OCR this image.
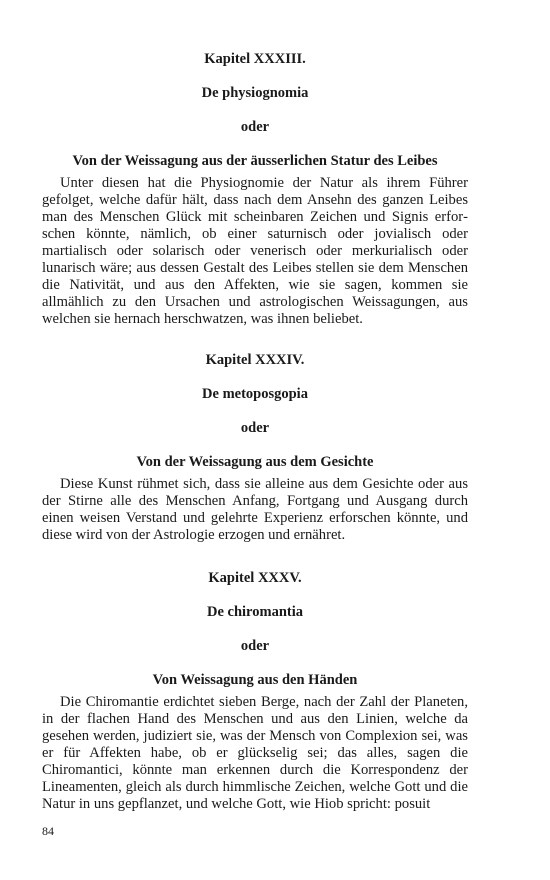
Kapitel XXXIII.

De physiognomia

oder

Von der Weissagung aus der äusserlichen Statur des Leibes

Unter diesen hat die Physiognomie der Natur als ihrem Führer gefolget, welche dafür hält, dass nach dem Ansehn des ganzen Leibes man des Menschen Glück mit scheinbaren Zeichen und Signis erforschen könnte, nämlich, ob einer saturnisch oder jovialisch oder martialisch oder solarisch oder venerisch oder merkurialisch oder lunarisch wäre; aus dessen Gestalt des Leibes stellen sie dem Menschen die Nativität, und aus den Affekten, wie sie sagen, kommen sie allmählich zu den Ursachen und astrologischen Weissagungen, aus welchen sie hernach herschwatzen, was ihnen beliebet.

Kapitel XXXIV.

De metoposgopia

oder

Von der Weissagung aus dem Gesichte

Diese Kunst rühmet sich, dass sie alleine aus dem Gesichte oder aus der Stirne alle des Menschen Anfang, Fortgang und Ausgang durch einen weisen Verstand und gelehrte Experienz erforschen könnte, und diese wird von der Astrologie erzogen und ernähret.

Kapitel XXXV.

De chiromantia

oder

Von Weissagung aus den Händen

Die Chiromantie erdichtet sieben Berge, nach der Zahl der Planeten, in der flachen Hand des Menschen und aus den Linien, welche da gesehen werden, judiziert sie, was der Mensch von Complexion sei, was er für Affekten habe, ob er glückselig sei; das alles, sagen die Chiromantici, könnte man erkennen durch die Korrespondenz der Lineamenten, gleich als durch himmlische Zeichen, welche Gott und die Natur in uns gepflanzet, und welche Gott, wie Hiob spricht: posuit

84
